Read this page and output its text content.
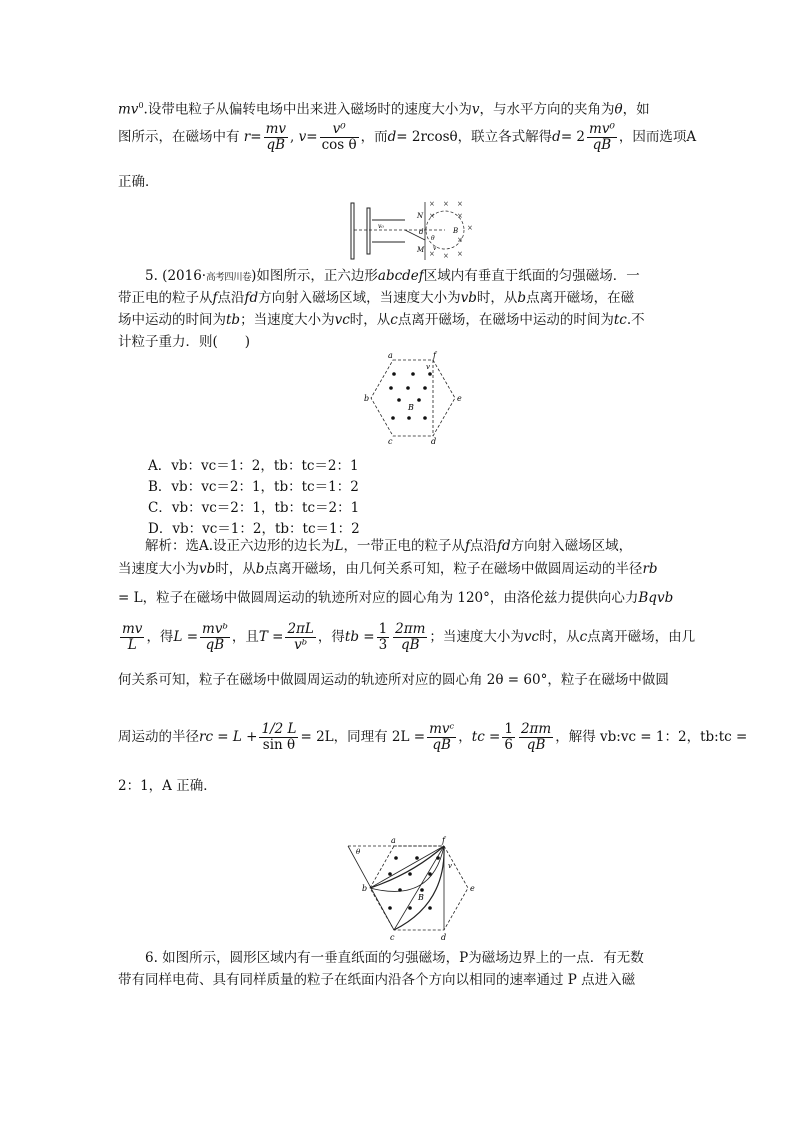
$mv^0$.设带电粒子从偏转电场中出来进入磁场时的速度大小为v，与水平方向的夹角为θ，如
图所示，在磁场中有 $r= \frac{mv}{qB}$ , $v= \frac{\text{v⁰}}{\text{cos θ}}$ ，而d= 2rcosθ，联立各式解得$d= 2 \frac{\text{mv⁰}}{qB}$ ，因而选项A
正确．
5. (2016·高考四川卷)如图所示，正六边形abcdef区域内有垂直于纸面的匀强磁场．一
带正电的粒子从f点沿fd方向射入磁场区域，当速度大小为vb时，从b点离开磁场，在磁
场中运动的时间为tb；当速度大小为vc时，从c点离开磁场，在磁场中运动的时间为tc.不
计粒子重力．则(　　)
A．vb：vc＝1：2，tb：tc＝2：1
B．vb：vc＝2：1，tb：tc＝1：2
C．vb：vc＝2：1，tb：tc＝2：1
D．vb：vc＝1：2，tb：tc＝1：2
解析：选A.设正六边形的边长为L，一带正电的粒子从f点沿fd方向射入磁场区域，
当速度大小为vb时，从b点离开磁场，由几何关系可知，粒子在磁场中做圆周运动的半径rb
= L，粒子在磁场中做圆周运动的轨迹所对应的圆心角为 120°，由洛伦兹力提供向心力Bqvb
$\frac{mv}{L}$ ，得$L = \frac{\text{mvᵇ}}{qB}$ ，且$T = \frac{2\pi L}{\text{vᵇ}}$ ，得tb = $\frac{1}{3} \frac{2\pi m}{qB}$ ；当速度大小为vc时，从c点离开磁场，由几
何关系可知，粒子在磁场中做圆周运动的轨迹所对应的圆心角 2θ = 60°，粒子在磁场中做圆
周运动的半径rc = $L + \frac{1/2 L}{\text{sin θ}} = 2L$，同理有 $2L = \frac{\text{mvᶜ}}{qB}$ ，tc = $\frac{1}{6} \frac{2\pi m}{qB}$ ，解得 vb:vc = 1：2，tb:tc =
2：1，A 正确．
6. 如图所示，圆形区域内有一垂直纸面的匀强磁场，P为磁场边界上的一点．有无数
带有同样电荷、具有同样质量的粒子在纸面内沿各个方向以相同的速率通过 P 点进入磁
× × ×
×	×
×
×
× × ×
N
B
d
M
θ
v₀
v
a	f
b	e
c	d
B
v
a	f
b	e
c	d
B
v
θ
